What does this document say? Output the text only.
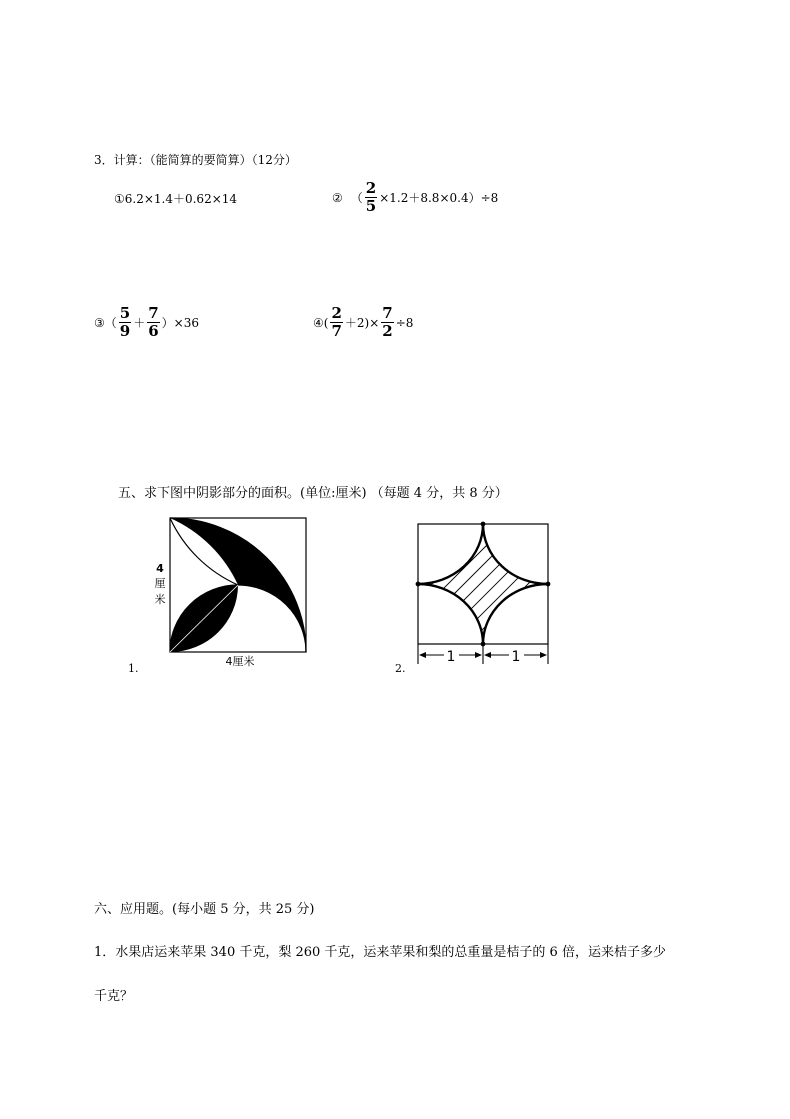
3．计算：（能简算的要简算）（12分）
①6.2×1.4＋0.62×14	② （ $\frac{2}{5} \times 1.2+8.8\times 0.4)\div 8$
③（ $\frac{5}{9} + \frac{7}{6} )\times 36$	④( $\frac{2}{7} +2)\times \frac{7}{2} \div 8$
五、求下图中阴影部分的面积。(单位:厘米) （每题 4 分，共 8 分）
4
厘
米
4厘米
1.
1	1
2.
六、应用题。(每小题 5 分，共 25 分)
1．水果店运来苹果 340 千克，梨 260 千克，运来苹果和梨的总重量是桔子的 6 倍，运来桔子多少
千克？
